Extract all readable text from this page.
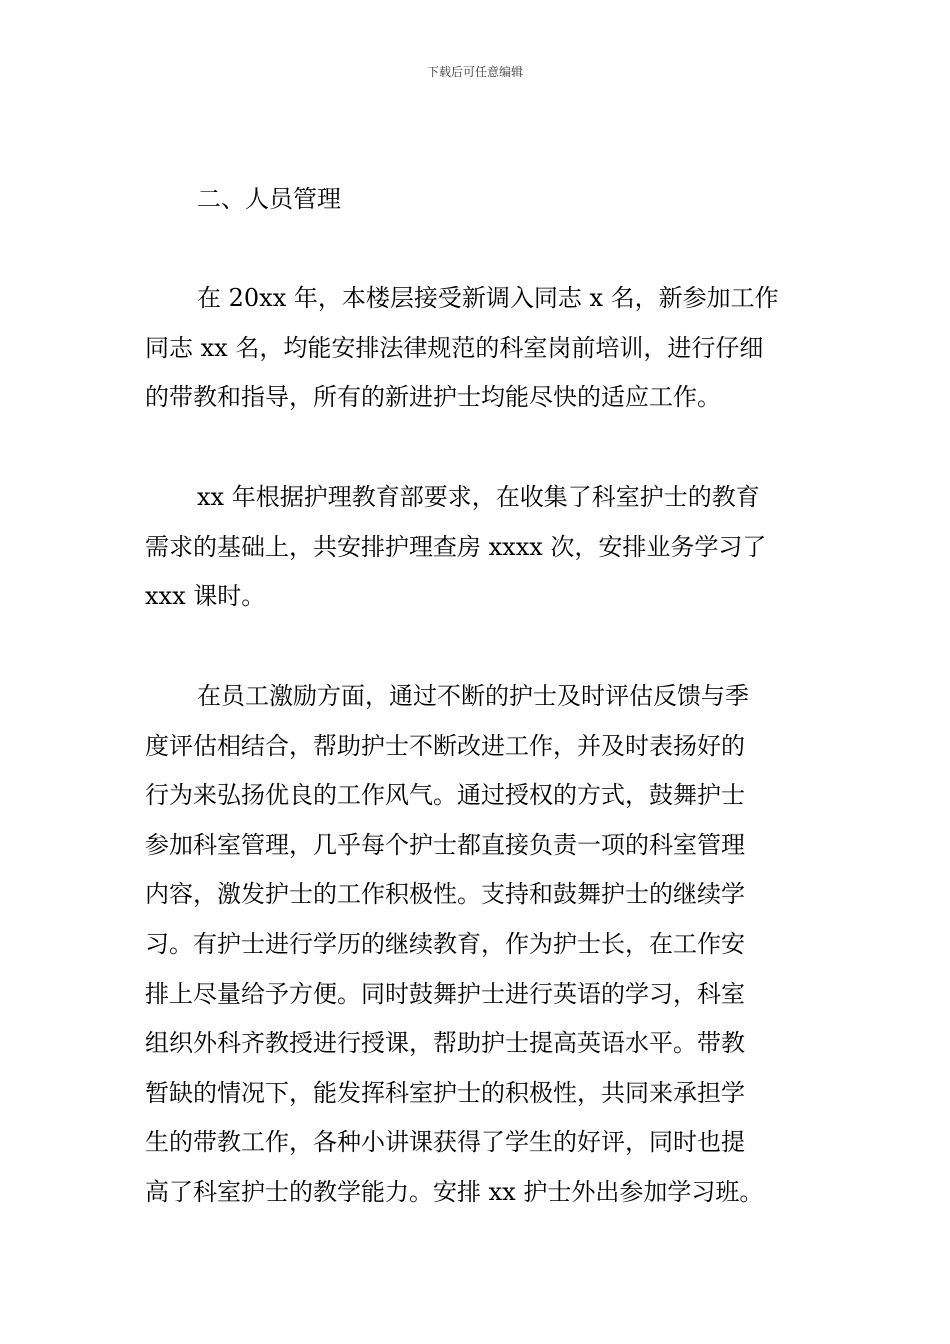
下载后可任意编辑
二、人员管理
在 20xx 年，本楼层接受新调入同志 x 名，新参加工作
同志 xx 名，均能安排法律规范的科室岗前培训，进行仔细
的带教和指导，所有的新进护士均能尽快的适应工作。
xx 年根据护理教育部要求，在收集了科室护士的教育
需求的基础上，共安排护理查房 xxxx 次，安排业务学习了
xxx 课时。
在员工激励方面，通过不断的护士及时评估反馈与季
度评估相结合，帮助护士不断改进工作，并及时表扬好的
行为来弘扬优良的工作风气。通过授权的方式，鼓舞护士
参加科室管理，几乎每个护士都直接负责一项的科室管理
内容，激发护士的工作积极性。支持和鼓舞护士的继续学
习。有护士进行学历的继续教育，作为护士长，在工作安
排上尽量给予方便。同时鼓舞护士进行英语的学习，科室
组织外科齐教授进行授课，帮助护士提高英语水平。带教
暂缺的情况下，能发挥科室护士的积极性，共同来承担学
生的带教工作，各种小讲课获得了学生的好评，同时也提
高了科室护士的教学能力。安排 xx 护士外出参加学习班。
